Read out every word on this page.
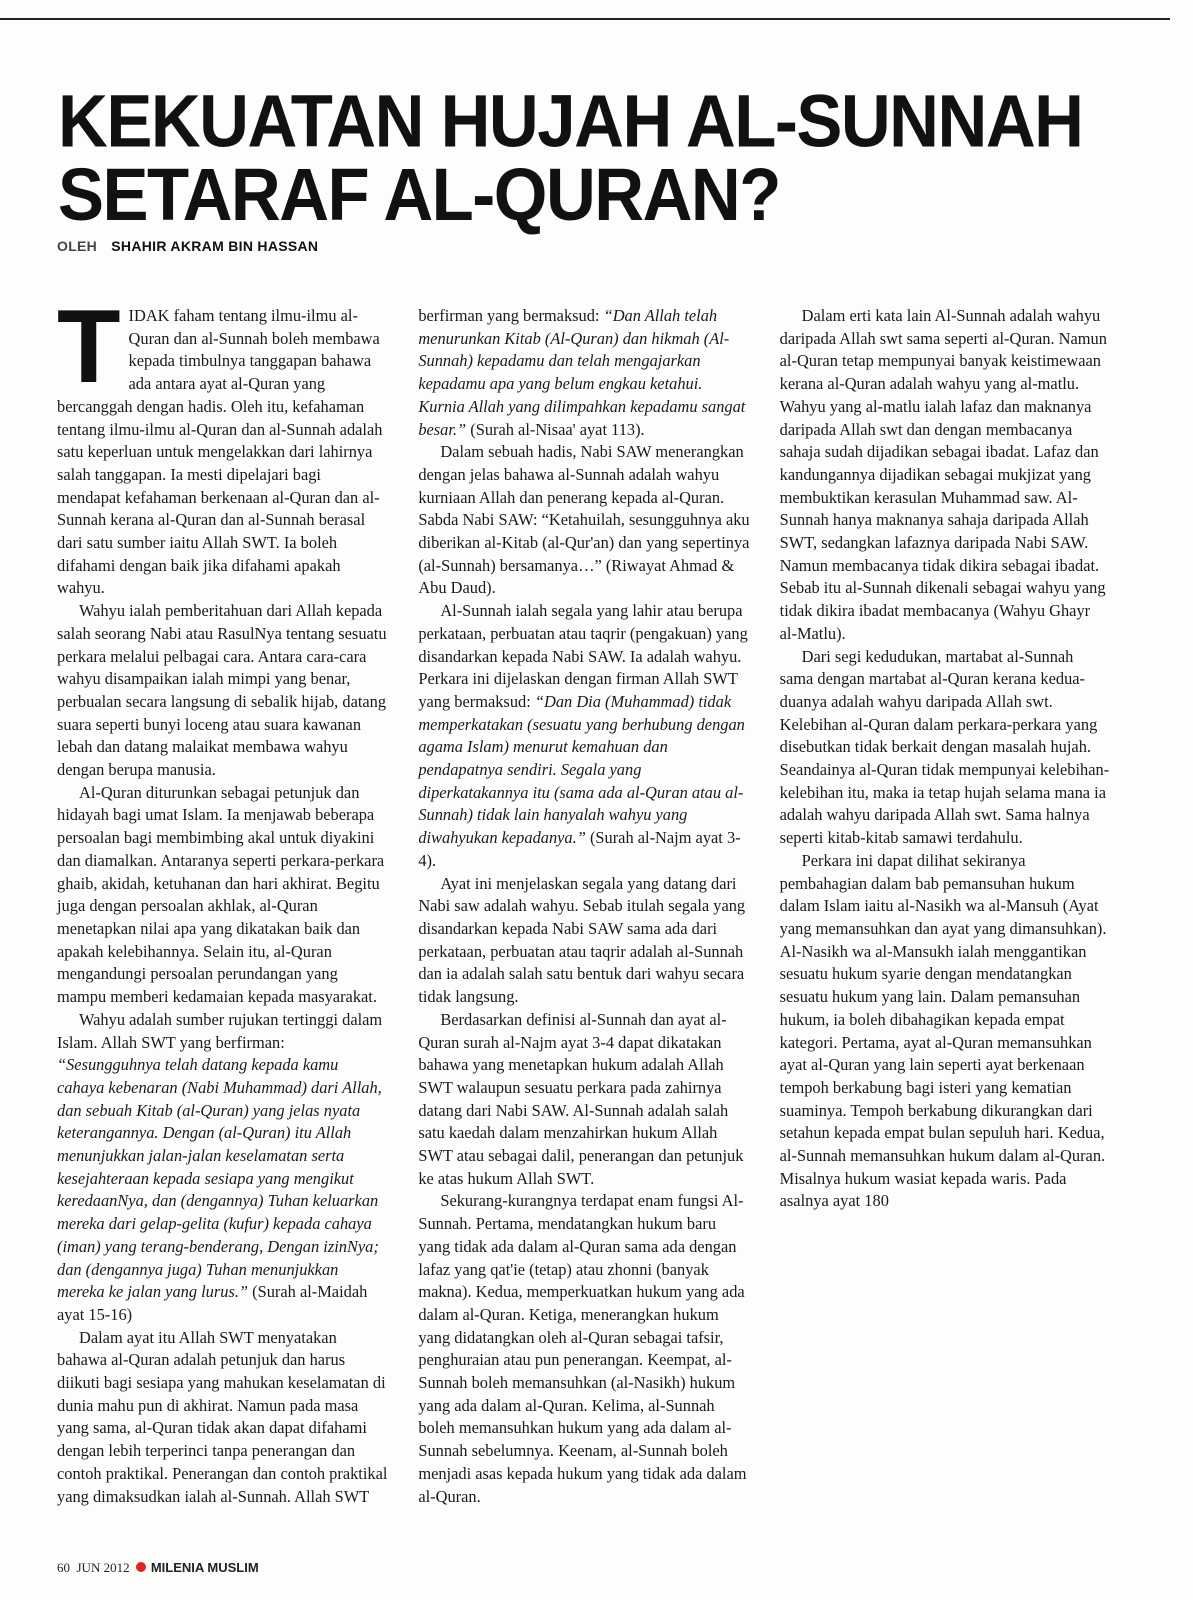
KEKUATAN HUJAH AL-SUNNAH
SETARAF AL-QURAN?
OLEH SHAHIR AKRAM BIN HASSAN

TIDAK faham tentang ilmu-ilmu al-Quran dan al-Sunnah boleh membawa kepada timbulnya tanggapan bahawa ada antara ayat al-Quran yang bercanggah dengan hadis. Oleh itu, kefahaman tentang ilmu-ilmu al-Quran dan al-Sunnah adalah satu keperluan untuk mengelakkan dari lahirnya salah tanggapan. Ia mesti dipelajari bagi mendapat kefahaman berkenaan al-Quran dan al-Sunnah kerana al-Quran dan al-Sunnah berasal dari satu sumber iaitu Allah SWT. Ia boleh difahami dengan baik jika difahami apakah wahyu.

Wahyu ialah pemberitahuan dari Allah kepada salah seorang Nabi atau RasulNya tentang sesuatu perkara melalui pelbagai cara. Antara cara-cara wahyu disampaikan ialah mimpi yang benar, perbualan secara langsung di sebalik hijab, datang suara seperti bunyi loceng atau suara kawanan lebah dan datang malaikat membawa wahyu dengan berupa manusia.

Al-Quran diturunkan sebagai petunjuk dan hidayah bagi umat Islam. Ia menjawab beberapa persoalan bagi membimbing akal untuk diyakini dan diamalkan. Antaranya seperti perkara-perkara ghaib, akidah, ketuhanan dan hari akhirat. Begitu juga dengan persoalan akhlak, al-Quran menetapkan nilai apa yang dikatakan baik dan apakah kelebihannya. Selain itu, al-Quran mengandungi persoalan perundangan yang mampu memberi kedamaian kepada masyarakat.

Wahyu adalah sumber rujukan tertinggi dalam Islam. Allah SWT yang berfirman: “Sesungguhnya telah datang kepada kamu cahaya kebenaran (Nabi Muhammad) dari Allah, dan sebuah Kitab (al-Quran) yang jelas nyata keterangannya. Dengan (al-Quran) itu Allah menunjukkan jalan-jalan keselamatan serta kesejahteraan kepada sesiapa yang mengikut keredaanNya, dan (dengannya) Tuhan keluarkan mereka dari gelap-gelita (kufur) kepada cahaya (iman) yang terang-benderang, Dengan izinNya; dan (dengannya juga) Tuhan menunjukkan mereka ke jalan yang lurus.” (Surah al-Maidah ayat 15-16)

Dalam ayat itu Allah SWT menyatakan bahawa al-Quran adalah petunjuk dan harus diikuti bagi sesiapa yang mahukan keselamatan di dunia mahu pun di akhirat. Namun pada masa yang sama, al-Quran tidak akan dapat difahami dengan lebih terperinci tanpa penerangan dan contoh praktikal. Penerangan dan contoh praktikal yang dimaksudkan ialah al-Sunnah. Allah SWT berfirman yang bermaksud: “Dan Allah telah menurunkan Kitab (Al-Quran) dan hikmah (Al-Sunnah) kepadamu dan telah mengajarkan kepadamu apa yang belum engkau ketahui. Kurnia Allah yang dilimpahkan kepadamu sangat besar.” (Surah al-Nisaa' ayat 113).

Dalam sebuah hadis, Nabi SAW menerangkan dengan jelas bahawa al-Sunnah adalah wahyu kurniaan Allah dan penerang kepada al-Quran. Sabda Nabi SAW: “Ketahuilah, sesungguhnya aku diberikan al-Kitab (al-Qur'an) dan yang sepertinya (al-Sunnah) bersamanya…” (Riwayat Ahmad & Abu Daud).

Al-Sunnah ialah segala yang lahir atau berupa perkataan, perbuatan atau taqrir (pengakuan) yang disandarkan kepada Nabi SAW. Ia adalah wahyu. Perkara ini dijelaskan dengan firman Allah SWT yang bermaksud: “Dan Dia (Muhammad) tidak memperkatakan (sesuatu yang berhubung dengan agama Islam) menurut kemahuan dan pendapatnya sendiri. Segala yang diperkatakannya itu (sama ada al-Quran atau al-Sunnah) tidak lain hanyalah wahyu yang diwahyukan kepadanya.” (Surah al-Najm ayat 3-4).

Ayat ini menjelaskan segala yang datang dari Nabi saw adalah wahyu. Sebab itulah segala yang disandarkan kepada Nabi SAW sama ada dari perkataan, perbuatan atau taqrir adalah al-Sunnah dan ia adalah salah satu bentuk dari wahyu secara tidak langsung.

Berdasarkan definisi al-Sunnah dan ayat al-Quran surah al-Najm ayat 3-4 dapat dikatakan bahawa yang menetapkan hukum adalah Allah SWT walaupun sesuatu perkara pada zahirnya datang dari Nabi SAW. Al-Sunnah adalah salah satu kaedah dalam menzahirkan hukum Allah SWT atau sebagai dalil, penerangan dan petunjuk ke atas hukum Allah SWT.

Sekurang-kurangnya terdapat enam fungsi Al-Sunnah. Pertama, mendatangkan hukum baru yang tidak ada dalam al-Quran sama ada dengan lafaz yang qat'ie (tetap) atau zhonni (banyak makna). Kedua, memperkuatkan hukum yang ada dalam al-Quran. Ketiga, menerangkan hukum yang didatangkan oleh al-Quran sebagai tafsir, penghuraian atau pun penerangan. Keempat, al-Sunnah boleh memansuhkan (al-Nasikh) hukum yang ada dalam al-Quran. Kelima, al-Sunnah boleh memansuhkan hukum yang ada dalam al-Sunnah sebelumnya. Keenam, al-Sunnah boleh menjadi asas kepada hukum yang tidak ada dalam al-Quran.

Dalam erti kata lain Al-Sunnah adalah wahyu daripada Allah swt sama seperti al-Quran. Namun al-Quran tetap mempunyai banyak keistimewaan kerana al-Quran adalah wahyu yang al-matlu. Wahyu yang al-matlu ialah lafaz dan maknanya daripada Allah swt dan dengan membacanya sahaja sudah dijadikan sebagai ibadat. Lafaz dan kandungannya dijadikan sebagai mukjizat yang membuktikan kerasulan Muhammad saw. Al-Sunnah hanya maknanya sahaja daripada Allah SWT, sedangkan lafaznya daripada Nabi SAW. Namun membacanya tidak dikira sebagai ibadat. Sebab itu al-Sunnah dikenali sebagai wahyu yang tidak dikira ibadat membacanya (Wahyu Ghayr al-Matlu).

Dari segi kedudukan, martabat al-Sunnah sama dengan martabat al-Quran kerana kedua-duanya adalah wahyu daripada Allah swt. Kelebihan al-Quran dalam perkara-perkara yang disebutkan tidak berkait dengan masalah hujah. Seandainya al-Quran tidak mempunyai kelebihan-kelebihan itu, maka ia tetap hujah selama mana ia adalah wahyu daripada Allah swt. Sama halnya seperti kitab-kitab samawi terdahulu.

Perkara ini dapat dilihat sekiranya pembahagian dalam bab pemansuhan hukum dalam Islam iaitu al-Nasikh wa al-Mansuh (Ayat yang memansuhkan dan ayat yang dimansuhkan). Al-Nasikh wa al-Mansukh ialah menggantikan sesuatu hukum syarie dengan mendatangkan sesuatu hukum yang lain. Dalam pemansuhan hukum, ia boleh dibahagikan kepada empat kategori. Pertama, ayat al-Quran memansuhkan ayat al-Quran yang lain seperti ayat berkenaan tempoh berkabung bagi isteri yang kematian suaminya. Tempoh berkabung dikurangkan dari setahun kepada empat bulan sepuluh hari. Kedua, al-Sunnah memansuhkan hukum dalam al-Quran. Misalnya hukum wasiat kepada waris. Pada asalnya ayat 180

60 JUN 2012 MILENIA MUSLIM
